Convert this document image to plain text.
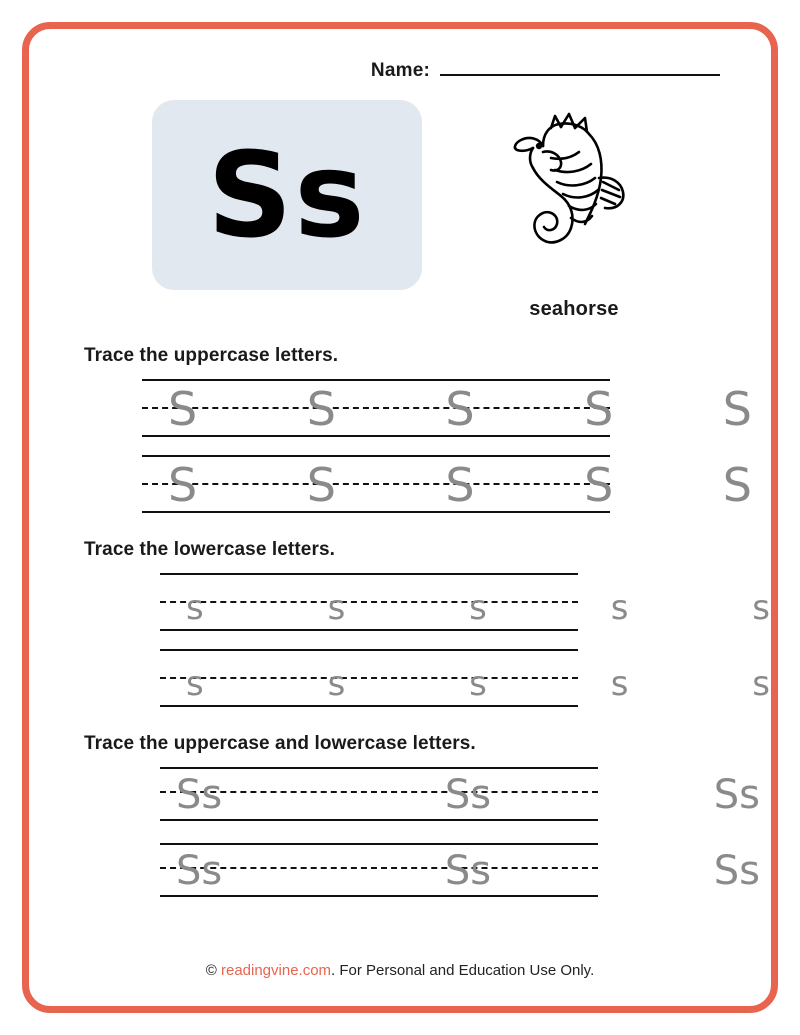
Name:
Ss
seahorse

Trace the uppercase letters.

S S S S S
S S S S S

Trace the lowercase letters.

s	s	s	s	s
s	s	s	s	s

Trace the uppercase and lowercase letters.

Ss	Ss	Ss
Ss	Ss	Ss
© readingvine.com. For Personal and Education Use Only.
